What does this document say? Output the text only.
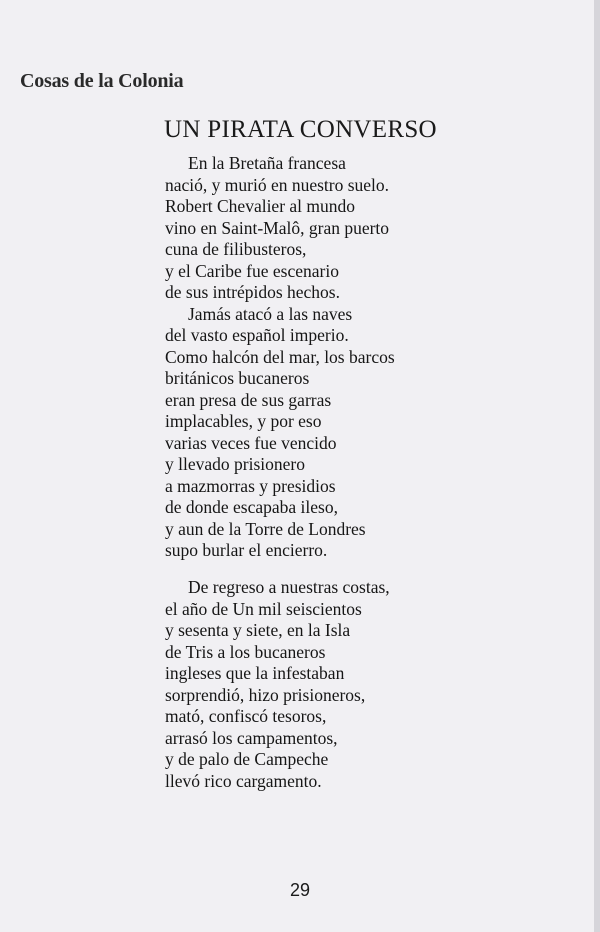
Cosas de la Colonia
UN PIRATA CONVERSO
En la Bretaña francesa
nació, y murió en nuestro suelo.
Robert Chevalier al mundo
vino en Saint-Malô, gran puerto
cuna de filibusteros,
y el Caribe fue escenario
de sus intrépidos hechos.
Jamás atacó a las naves
del vasto español imperio.
Como halcón del mar, los barcos
británicos bucaneros
eran presa de sus garras
implacables, y por eso
varias veces fue vencido
y llevado prisionero
a mazmorras y presidios
de donde escapaba ileso,
y aun de la Torre de Londres
supo burlar el encierro.
De regreso a nuestras costas,
el año de Un mil seiscientos
y sesenta y siete, en la Isla
de Tris a los bucaneros
ingleses que la infestaban
sorprendió, hizo prisioneros,
mató, confiscó tesoros,
arrasó los campamentos,
y de palo de Campeche
llevó rico cargamento.
29
